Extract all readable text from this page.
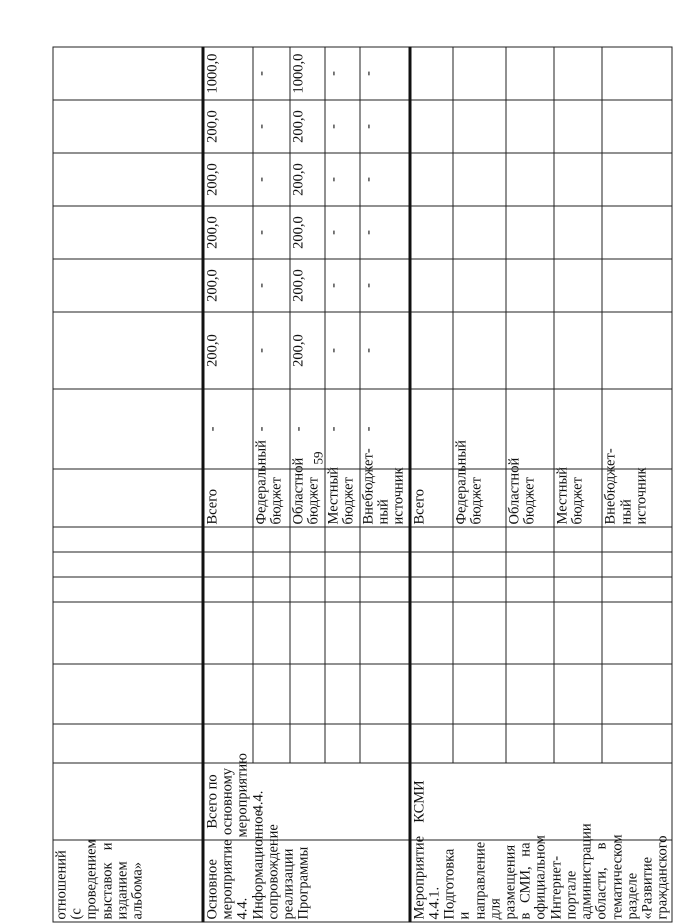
59
отношений (с проведением выставок и изданием альбома»															
Основное мероприятие 4.4. Информационное сопровождение реализации Программы	Всего по основному мероприятию 4.4.							Всего	-	200,0	200,0	200,0	200,0	200,0	1000,0
								Федеральный бюджет	-	-	-	-	-	-	-
								Областной бюджет	-	200,0	200,0	200,0	200,0	200,0	1000,0
								Местный бюджет	-	-	-	-	-	-	-
								Внебюджет-ный источник	-	-	-	-	-	-	-
Мероприятие 4.4.1. Подготовка и направление для размещения в СМИ, на официальном Интернет-портале администрации области, в тематическом разделе «Развитие гражданского	КСМИ							Всего							
								Федеральный бюджет							
								Областной бюджет							
								Местный бюджет							
								Внебюджет-ный источник							
